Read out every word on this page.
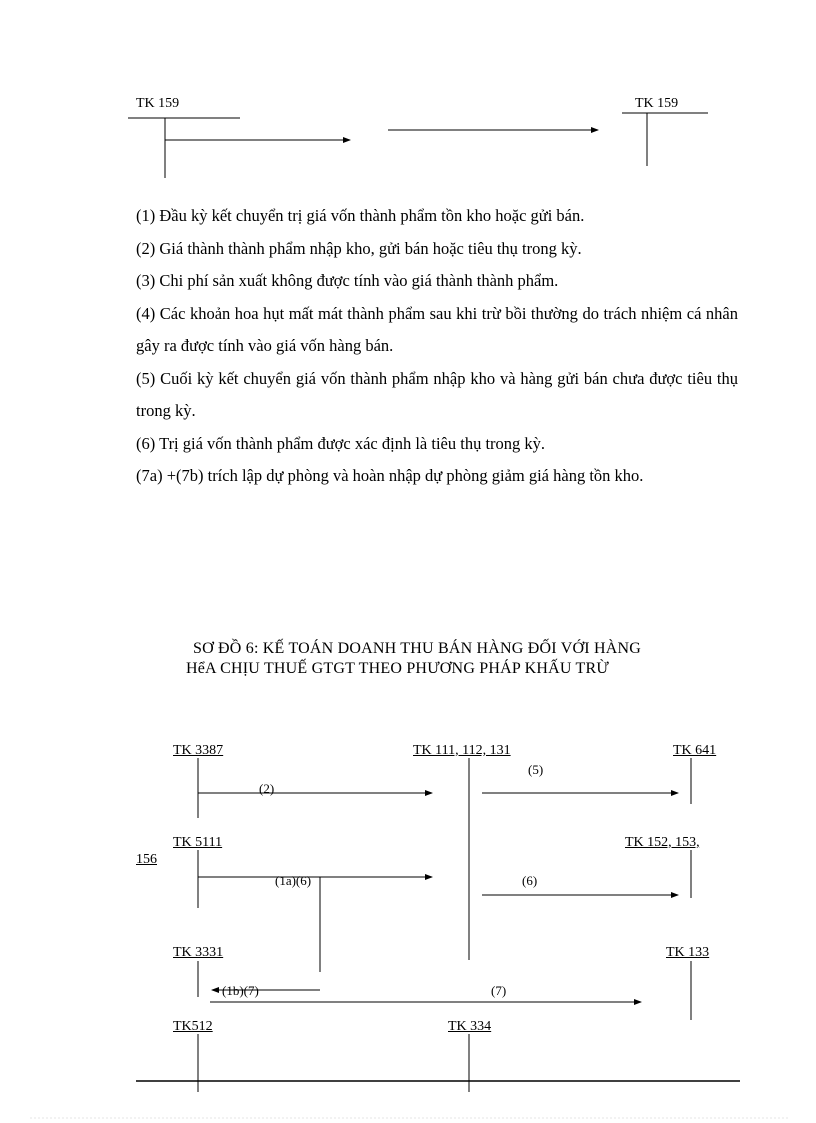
TK 159	TK 159

(1) Đầu kỳ kết chuyển trị giá vốn thành phẩm tồn kho hoặc gửi bán.

(2) Giá thành thành phẩm nhập kho, gửi bán hoặc tiêu thụ trong kỳ.

(3) Chi phí sản xuất không được tính vào giá thành thành phẩm.

(4) Các khoản hoa hụt mất mát thành phẩm sau khi trừ bồi thường do trách nhiệm cá nhân gây ra được tính vào giá vốn hàng bán.

(5) Cuối kỳ kết chuyển giá vốn thành phẩm nhập kho và hàng gửi bán chưa được tiêu thụ trong kỳ.

(6) Trị giá vốn thành phẩm được xác định là tiêu thụ trong kỳ.

(7a) +(7b) trích lập dự phòng và hoàn nhập dự phòng giảm giá hàng tồn kho.

SƠ ĐỒ 6: KẾ TOÁN DOANH THU BÁN HÀNG ĐỐI VỚI HÀNG
HểA CHỊU THUẾ GTGT THEO PHƯƠNG PHÁP KHẤU TRỪ
TK 3387	TK 111, 112, 131	TK 641
TK 5111	TK 152, 153,
156
TK 3331	TK 133
TK512	TK 334
(2)
(5)
(1a)(6)	(6)
(1b)(7)	(7)
